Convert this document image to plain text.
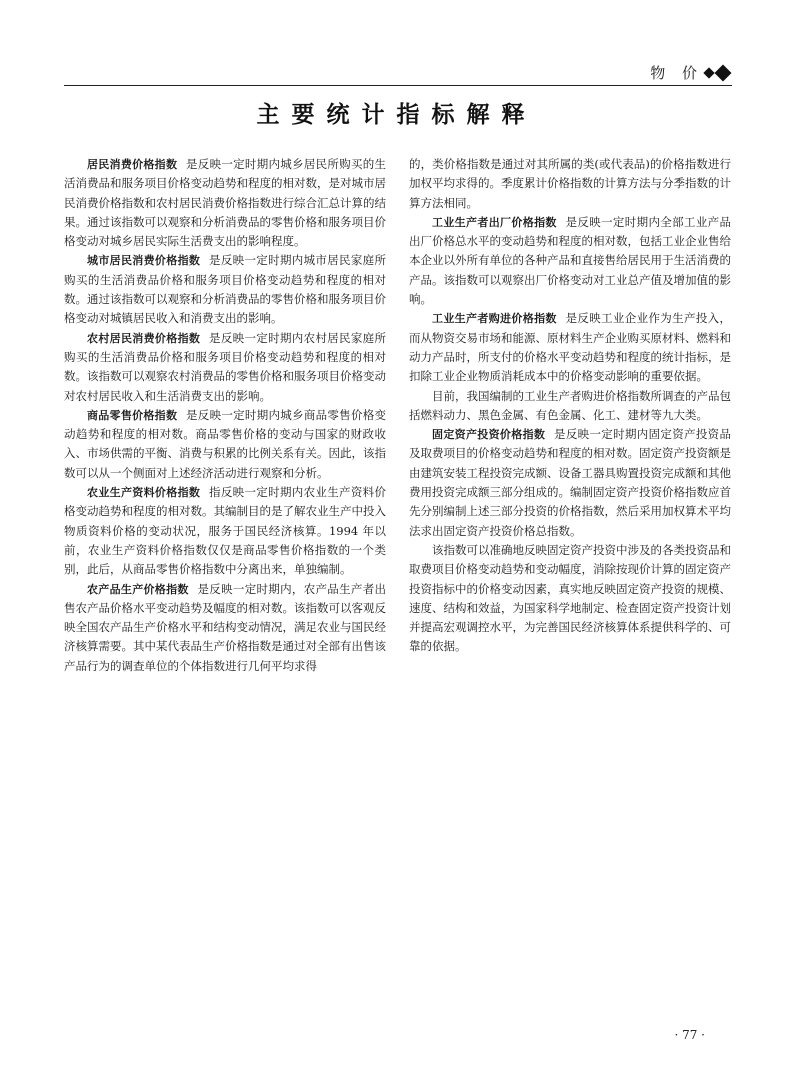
物 价
主要统计指标解释

居民消费价格指数 是反映一定时期内城乡居民所购买的生活消费品和服务项目价格变动趋势和程度的相对数，是对城市居民消费价格指数和农村居民消费价格指数进行综合汇总计算的结果。通过该指数可以观察和分析消费品的零售价格和服务项目价格变动对城乡居民实际生活费支出的影响程度。

城市居民消费价格指数 是反映一定时期内城市居民家庭所购买的生活消费品价格和服务项目价格变动趋势和程度的相对数。通过该指数可以观察和分析消费品的零售价格和服务项目价格变动对城镇居民收入和消费支出的影响。

农村居民消费价格指数 是反映一定时期内农村居民家庭所购买的生活消费品价格和服务项目价格变动趋势和程度的相对数。该指数可以观察农村消费品的零售价格和服务项目价格变动对农村居民收入和生活消费支出的影响。

商品零售价格指数 是反映一定时期内城乡商品零售价格变动趋势和程度的相对数。商品零售价格的变动与国家的财政收入、市场供需的平衡、消费与积累的比例关系有关。因此，该指数可以从一个侧面对上述经济活动进行观察和分析。

农业生产资料价格指数 指反映一定时期内农业生产资料价格变动趋势和程度的相对数。其编制目的是了解农业生产中投入物质资料价格的变动状况，服务于国民经济核算。1994 年以前，农业生产资料价格指数仅仅是商品零售价格指数的一个类别，此后，从商品零售价格指数中分离出来，单独编制。

农产品生产价格指数 是反映一定时期内，农产品生产者出售农产品价格水平变动趋势及幅度的相对数。该指数可以客观反映全国农产品生产价格水平和结构变动情况，满足农业与国民经济核算需要。其中某代表品生产价格指数是通过对全部有出售该产品行为的调查单位的个体指数进行几何平均求得

的，类价格指数是通过对其所属的类(或代表品)的价格指数进行加权平均求得的。季度累计价格指数的计算方法与分季指数的计算方法相同。

工业生产者出厂价格指数 是反映一定时期内全部工业产品出厂价格总水平的变动趋势和程度的相对数，包括工业企业售给本企业以外所有单位的各种产品和直接售给居民用于生活消费的产品。该指数可以观察出厂价格变动对工业总产值及增加值的影响。

工业生产者购进价格指数 是反映工业企业作为生产投入，而从物资交易市场和能源、原材料生产企业购买原材料、燃料和动力产品时，所支付的价格水平变动趋势和程度的统计指标，是扣除工业企业物质消耗成本中的价格变动影响的重要依据。

目前，我国编制的工业生产者购进价格指数所调查的产品包括燃料动力、黑色金属、有色金属、化工、建材等九大类。

固定资产投资价格指数 是反映一定时期内固定资产投资品及取费项目的价格变动趋势和程度的相对数。固定资产投资额是由建筑安装工程投资完成额、设备工器具购置投资完成额和其他费用投资完成额三部分组成的。编制固定资产投资价格指数应首先分别编制上述三部分投资的价格指数，然后采用加权算术平均法求出固定资产投资价格总指数。

该指数可以准确地反映固定资产投资中涉及的各类投资品和取费项目价格变动趋势和变动幅度，消除按现价计算的固定资产投资指标中的价格变动因素，真实地反映固定资产投资的规模、速度、结构和效益，为国家科学地制定、检查固定资产投资计划并提高宏观调控水平，为完善国民经济核算体系提供科学的、可靠的依据。

· 77 ·
